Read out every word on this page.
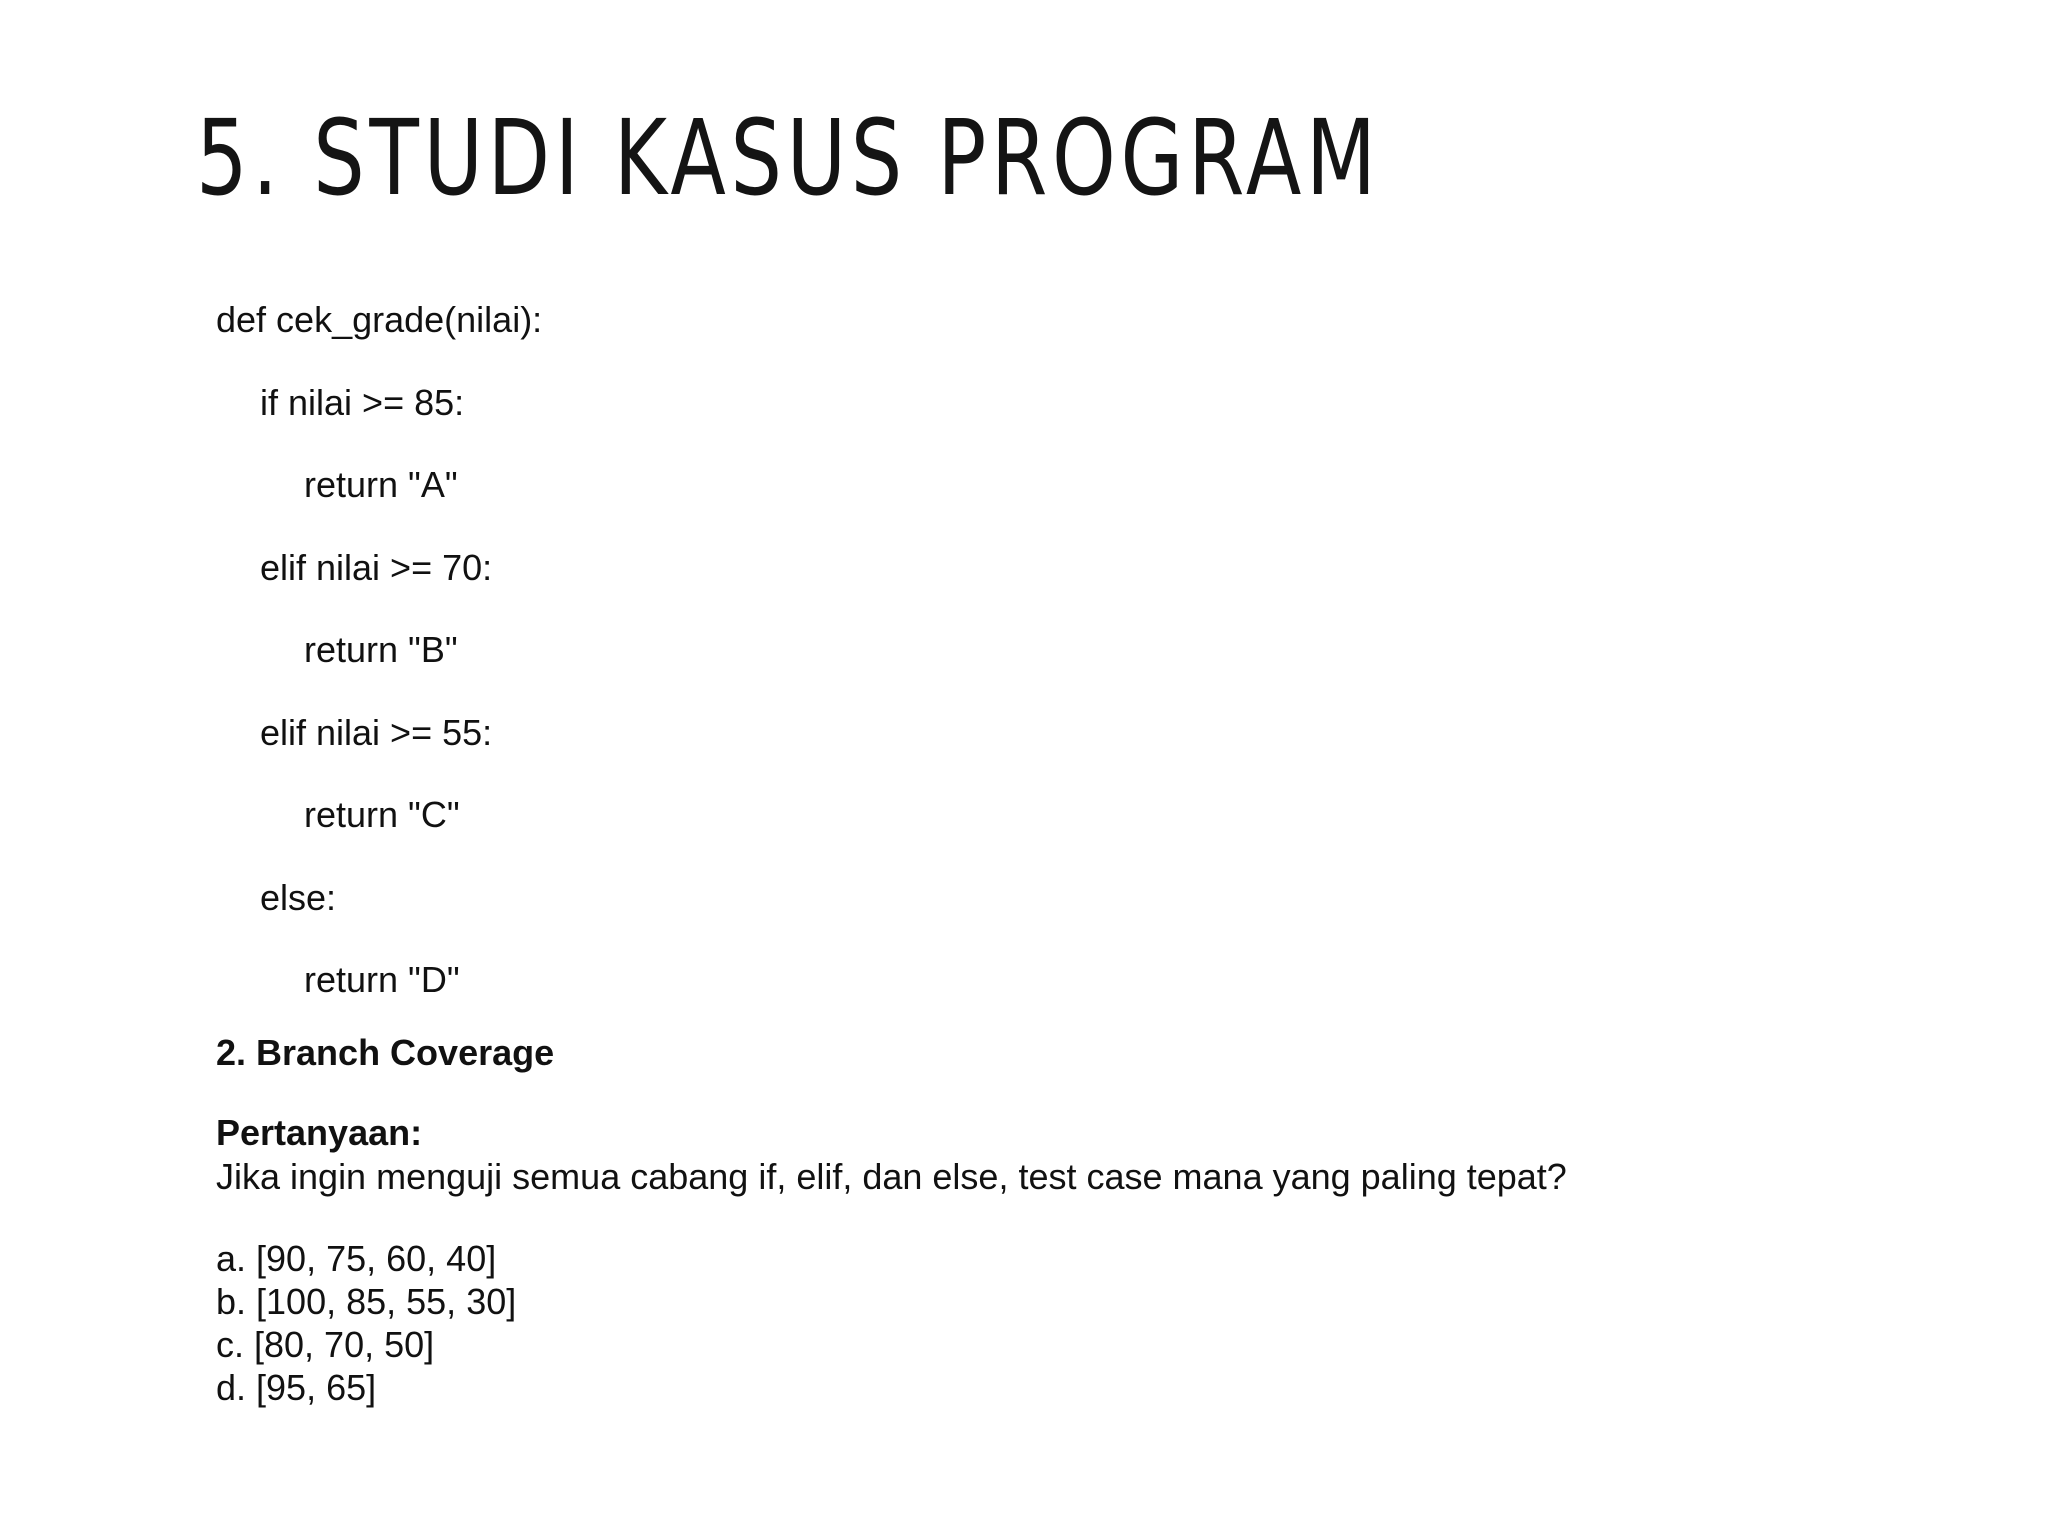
5. STUDI KASUS PROGRAM
def cek_grade(nilai):
if nilai >= 85:
return "A"
elif nilai >= 70:
return "B"
elif nilai >= 55:
return "C"
else:
return "D"
2. Branch Coverage
Pertanyaan:
Jika ingin menguji semua cabang if, elif, dan else, test case mana yang paling tepat?
a. [90, 75, 60, 40]
b. [100, 85, 55, 30]
c. [80, 70, 50]
d. [95, 65]
